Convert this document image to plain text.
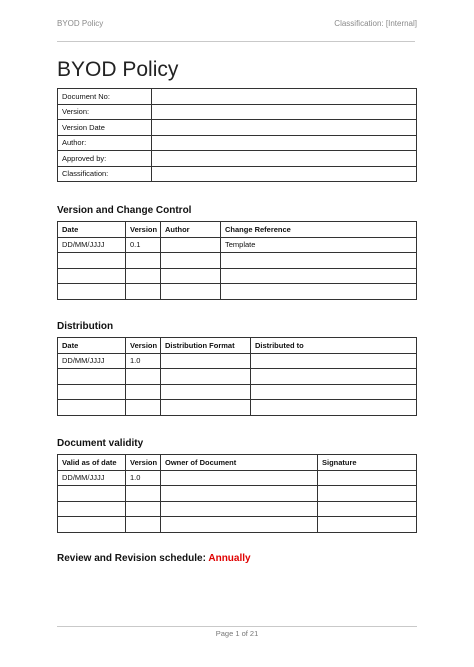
BYOD Policy	Classification: [Internal]
BYOD Policy
Document No:	
Version:	
Version Date	
Author:	
Approved by:	
Classification:	
Version and Change Control
Date	Version	Author	Change Reference
DD/MM/JJJJ	0.1		Template

Distribution
Date	Version	Distribution Format	Distributed to
DD/MM/JJJJ	1.0		

Document validity
Valid as of date	Version	Owner of Document	Signature
DD/MM/JJJJ	1.0		

Review and Revision schedule: Annually
Page 1 of 21
